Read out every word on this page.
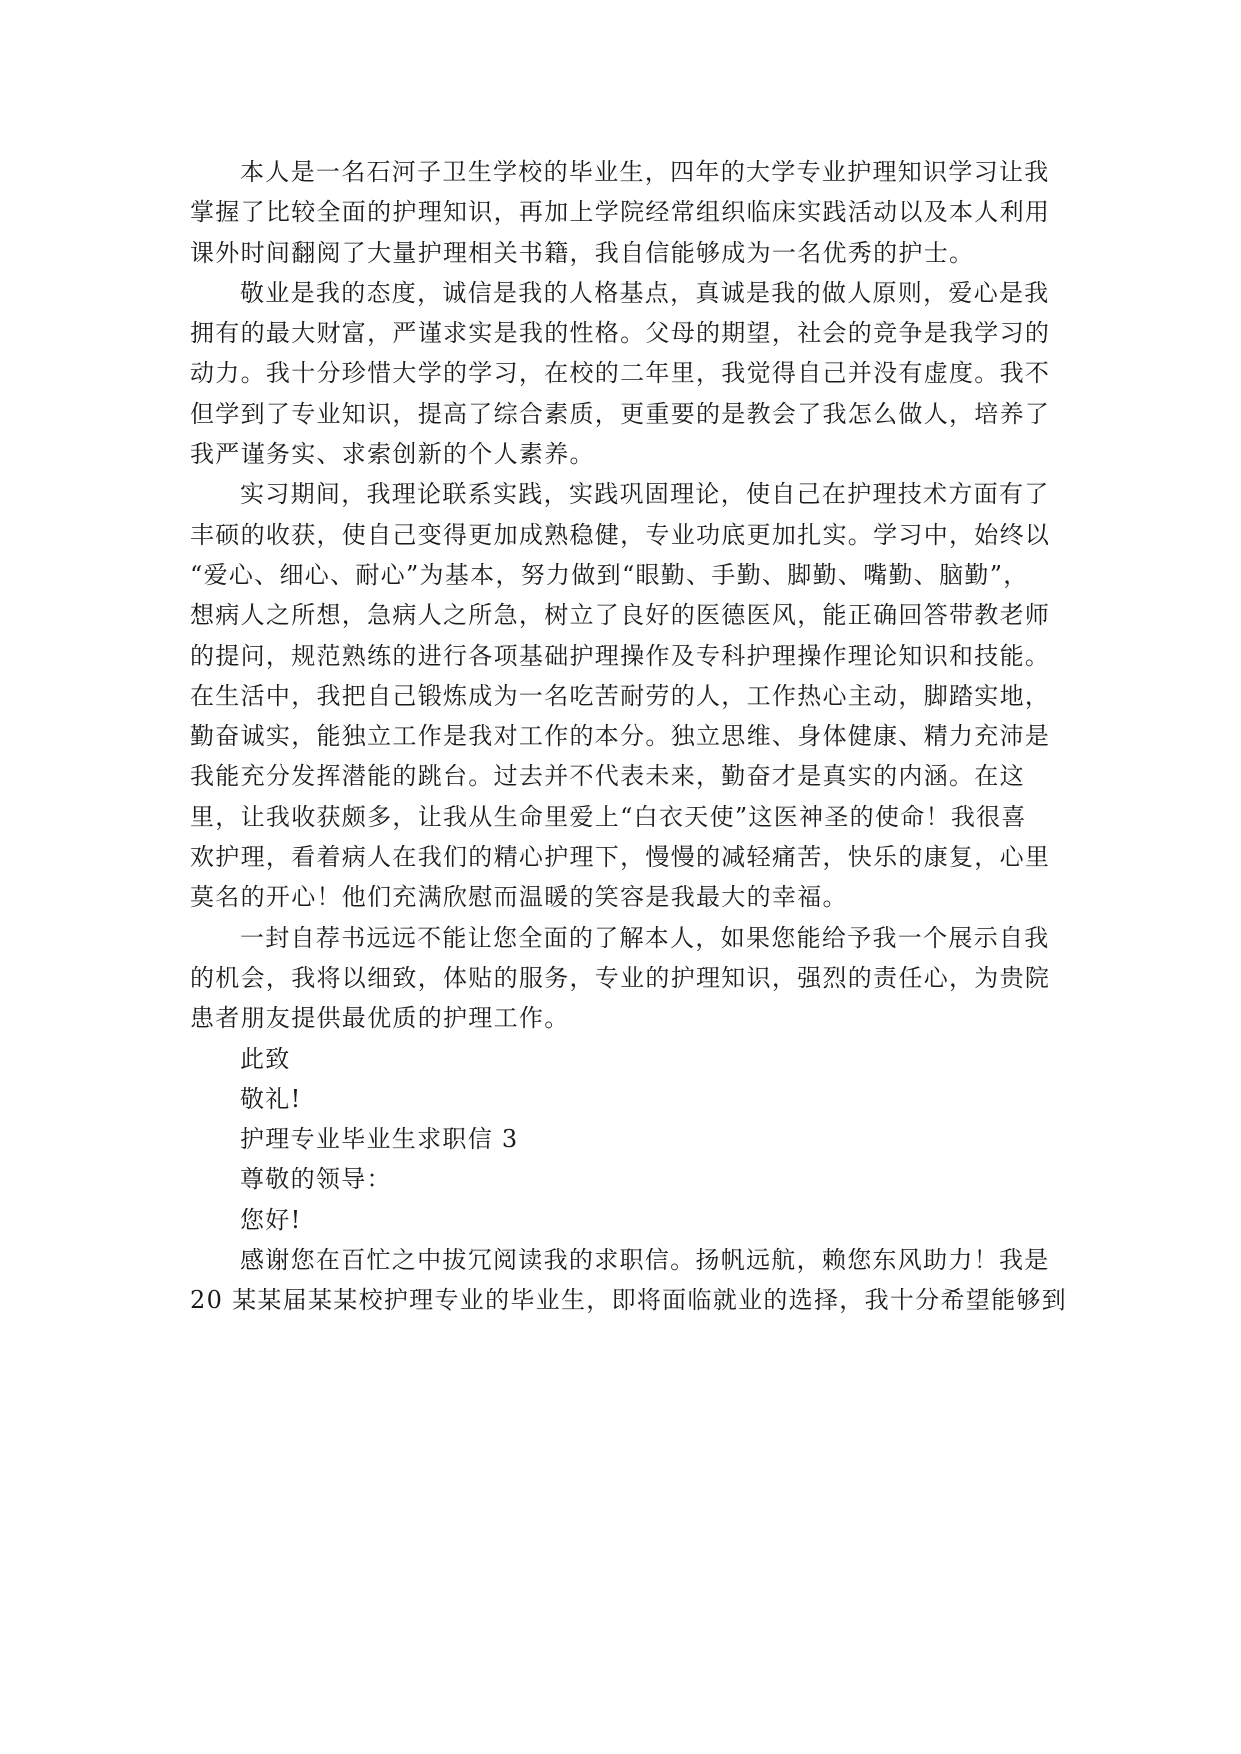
本人是一名石河子卫生学校的毕业生，四年的大学专业护理知识学习让我
掌握了比较全面的护理知识，再加上学院经常组织临床实践活动以及本人利用
课外时间翻阅了大量护理相关书籍，我自信能够成为一名优秀的护士。
敬业是我的态度，诚信是我的人格基点，真诚是我的做人原则，爱心是我
拥有的最大财富，严谨求实是我的性格。父母的期望，社会的竞争是我学习的
动力。我十分珍惜大学的学习，在校的二年里，我觉得自己并没有虚度。我不
但学到了专业知识，提高了综合素质，更重要的是教会了我怎么做人，培养了
我严谨务实、求索创新的个人素养。
实习期间，我理论联系实践，实践巩固理论，使自己在护理技术方面有了
丰硕的收获，使自己变得更加成熟稳健，专业功底更加扎实。学习中，始终以
“爱心、细心、耐心”为基本，努力做到“眼勤、手勤、脚勤、嘴勤、脑勤”，
想病人之所想，急病人之所急，树立了良好的医德医风，能正确回答带教老师
的提问，规范熟练的进行各项基础护理操作及专科护理操作理论知识和技能。
在生活中，我把自己锻炼成为一名吃苦耐劳的人，工作热心主动，脚踏实地，
勤奋诚实，能独立工作是我对工作的本分。独立思维、身体健康、精力充沛是
我能充分发挥潜能的跳台。过去并不代表未来，勤奋才是真实的内涵。在这
里，让我收获颇多，让我从生命里爱上“白衣天使”这医神圣的使命！我很喜
欢护理，看着病人在我们的精心护理下，慢慢的减轻痛苦，快乐的康复，心里
莫名的开心！他们充满欣慰而温暖的笑容是我最大的幸福。
一封自荐书远远不能让您全面的了解本人，如果您能给予我一个展示自我
的机会，我将以细致，体贴的服务，专业的护理知识，强烈的责任心，为贵院
患者朋友提供最优质的护理工作。
此致
敬礼!
护理专业毕业生求职信 3
尊敬的领导：
您好!
感谢您在百忙之中拔冗阅读我的求职信。扬帆远航，赖您东风助力！我是
20 某某届某某校护理专业的毕业生，即将面临就业的选择，我十分希望能够到
